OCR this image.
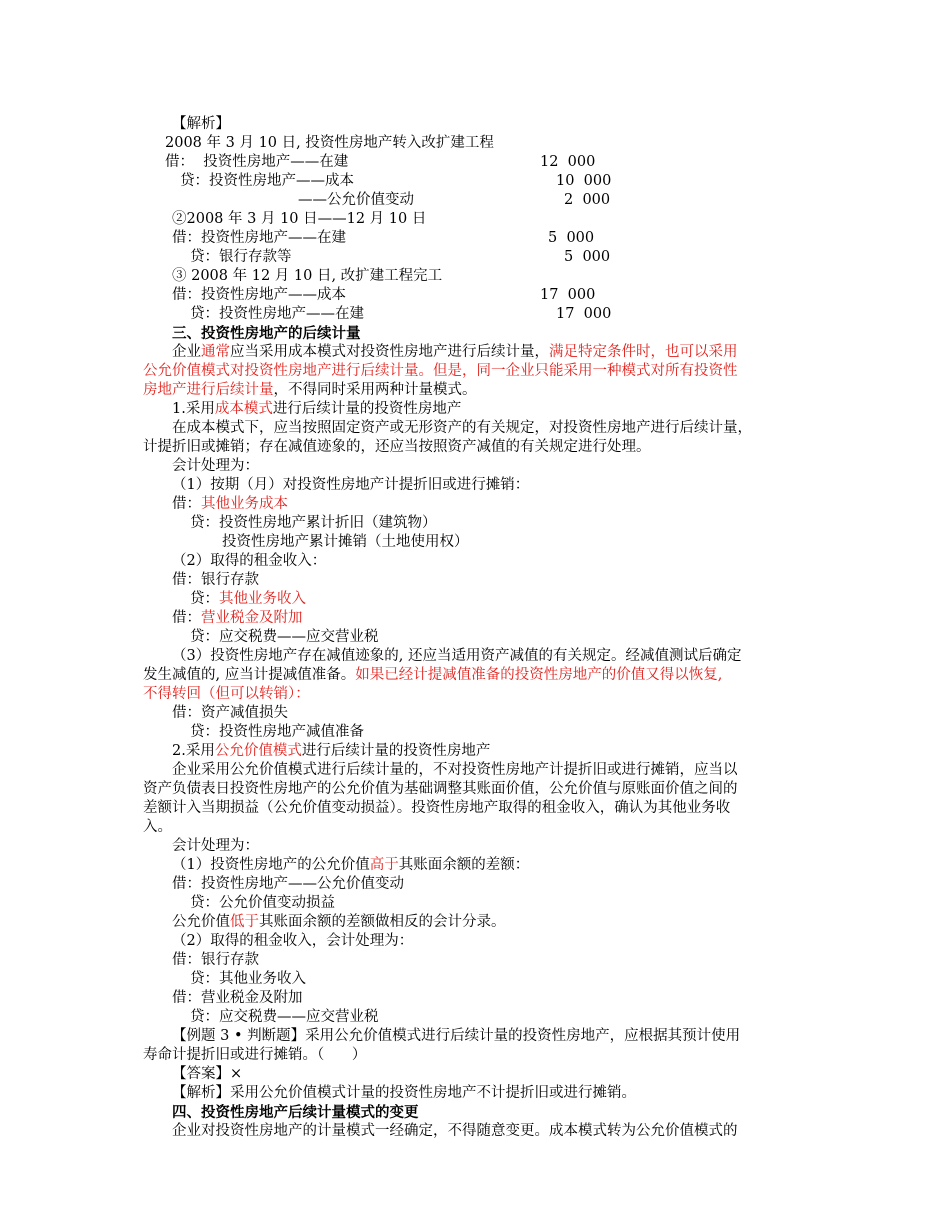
【解析】
2008 年 3 月 10 日, 投资性房地产转入改扩建工程
借：  投资性房地产——在建	12  000
贷：投资性房地产——成本	10  000
——公允价值变动	2  000
②2008 年 3 月 10 日——12 月 10 日
借：投资性房地产——在建	5  000
贷：银行存款等	5  000
③ 2008 年 12 月 10 日, 改扩建工程完工
借：投资性房地产——成本	17  000
贷：投资性房地产——在建	17  000
三、投资性房地产的后续计量
企业通常应当采用成本模式对投资性房地产进行后续计量，满足特定条件时，也可以采用
公允价值模式对投资性房地产进行后续计量。但是，同一企业只能采用一种模式对所有投资性
房地产进行后续计量，不得同时采用两种计量模式。
1.采用成本模式进行后续计量的投资性房地产
在成本模式下，应当按照固定资产或无形资产的有关规定，对投资性房地产进行后续计量，
计提折旧或摊销；存在减值迹象的，还应当按照资产减值的有关规定进行处理。
会计处理为：
（1）按期（月）对投资性房地产计提折旧或进行摊销：
借：其他业务成本
贷：投资性房地产累计折旧（建筑物）
投资性房地产累计摊销（土地使用权）
（2）取得的租金收入：
借：银行存款
贷：其他业务收入
借：营业税金及附加
贷：应交税费——应交营业税
（3）投资性房地产存在减值迹象的, 还应当适用资产减值的有关规定。经减值测试后确定
发生减值的, 应当计提减值准备。如果已经计提减值准备的投资性房地产的价值又得以恢复,
不得转回（但可以转销）：
借：资产减值损失
贷：投资性房地产减值准备
2.采用公允价值模式进行后续计量的投资性房地产
企业采用公允价值模式进行后续计量的，不对投资性房地产计提折旧或进行摊销，应当以
资产负债表日投资性房地产的公允价值为基础调整其账面价值，公允价值与原账面价值之间的
差额计入当期损益（公允价值变动损益）。投资性房地产取得的租金收入，确认为其他业务收
入。
会计处理为：
（1）投资性房地产的公允价值高于其账面余额的差额：
借：投资性房地产——公允价值变动
贷：公允价值变动损益
公允价值低于其账面余额的差额做相反的会计分录。
（2）取得的租金收入，会计处理为：
借：银行存款
贷：其他业务收入
借：营业税金及附加
贷：应交税费——应交营业税
【例题 3 • 判断题】采用公允价值模式进行后续计量的投资性房地产，应根据其预计使用
寿命计提折旧或进行摊销。（      ）
【答案】×
【解析】采用公允价值模式计量的投资性房地产不计提折旧或进行摊销。
四、投资性房地产后续计量模式的变更
企业对投资性房地产的计量模式一经确定，不得随意变更。成本模式转为公允价值模式的
